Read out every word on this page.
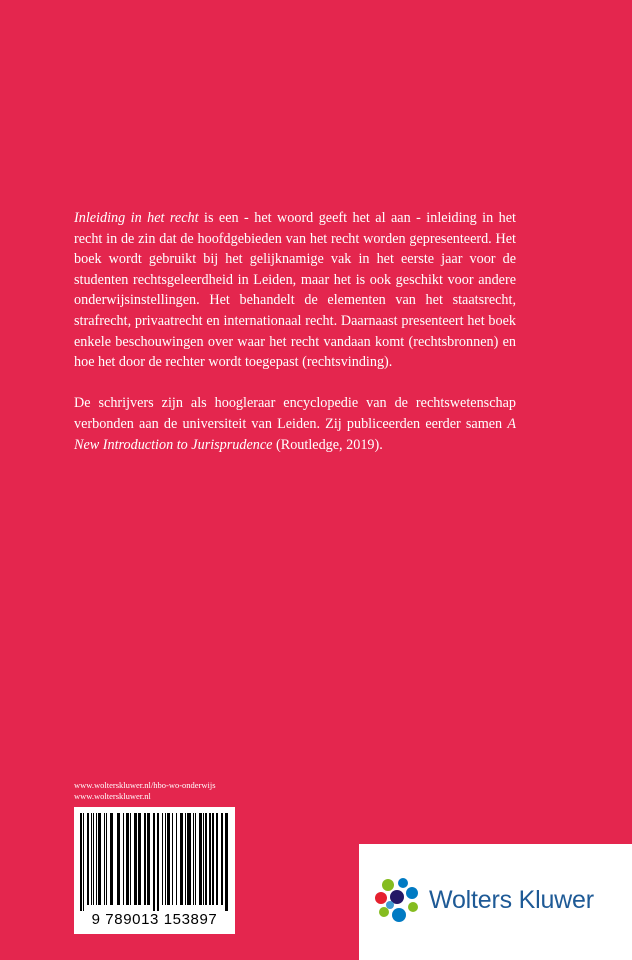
Inleiding in het recht is een - het woord geeft het al aan - inleiding in het recht in de zin dat de hoofdgebieden van het recht worden gepresenteerd. Het boek wordt gebruikt bij het gelijknamige vak in het eerste jaar voor de studenten rechtsgeleerdheid in Leiden, maar het is ook geschikt voor andere onderwijsinstellingen. Het behandelt de elementen van het staatsrecht, strafrecht, privaatrecht en internationaal recht. Daarnaast presenteert het boek enkele beschouwingen over waar het recht vandaan komt (rechtsbronnen) en hoe het door de rechter wordt toegepast (rechtsvinding).

De schrijvers zijn als hoogleraar encyclopedie van de rechtswetenschap verbonden aan de universiteit van Leiden. Zij publiceerden eerder samen A New Introduction to Jurisprudence (Routledge, 2019).

www.wolterskluwer.nl/hbo-wo-onderwijs
www.wolterskluwer.nl
9 789013 153897
Wolters Kluwer
